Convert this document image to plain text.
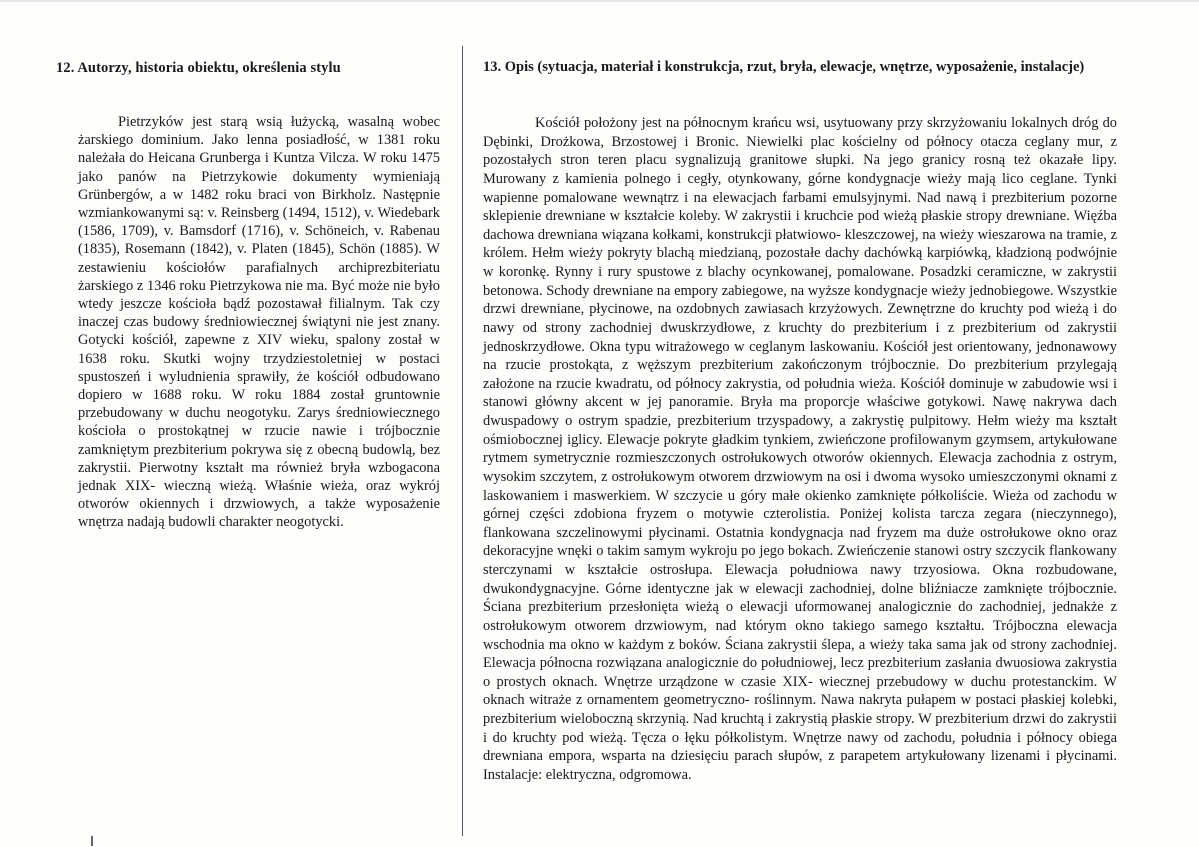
12. Autorzy, historia obiektu, określenia stylu

Pietrzyków jest starą wsią łużycką, wasalną wobec żarskiego dominium. Jako lenna posiadłość, w 1381 roku należała do Heicana Grunberga i Kuntza Vilcza. W roku 1475 jako panów na Pietrzykowie dokumenty wymieniają Grünbergów, a w 1482 roku braci von Birkholz. Następnie wzmiankowanymi są: v. Reinsberg (1494, 1512), v. Wiedebark (1586, 1709), v. Bamsdorf (1716), v. Schöneich, v. Rabenau (1835), Rosemann (1842), v. Platen (1845), Schön (1885). W zestawieniu kościołów parafialnych archiprezbiteriatu żarskiego z 1346 roku Pietrzykowa nie ma. Być może nie było wtedy jeszcze kościoła bądź pozostawał filialnym. Tak czy inaczej czas budowy średniowiecznej świątyni nie jest znany. Gotycki kościół, zapewne z XIV wieku, spalony został w 1638 roku. Skutki wojny trzydziestoletniej w postaci spustoszeń i wyludnienia sprawiły, że kościół odbudowano dopiero w 1688 roku. W roku 1884 został gruntownie przebudowany w duchu neogotyku. Zarys średniowiecznego kościoła o prostokątnej w rzucie nawie i trójbocznie zamkniętym prezbiterium pokrywa się z obecną budowlą, bez zakrystii. Pierwotny kształt ma również bryła wzbogacona jednak XIX- wieczną wieżą. Właśnie wieża, oraz wykrój otworów okiennych i drzwiowych, a także wyposażenie wnętrza nadają budowli charakter neogotycki.

13. Opis (sytuacja, materiał i konstrukcja, rzut, bryła, elewacje, wnętrze, wyposażenie, instalacje)

Kościół położony jest na północnym krańcu wsi, usytuowany przy skrzyżowaniu lokalnych dróg do Dębinki, Drożkowa, Brzostowej i Bronic. Niewielki plac kościelny od północy otacza ceglany mur, z pozostałych stron teren placu sygnalizują granitowe słupki. Na jego granicy rosną też okazałe lipy. Murowany z kamienia polnego i cegły, otynkowany, górne kondygnacje wieży mają lico ceglane. Tynki wapienne pomalowane wewnątrz i na elewacjach farbami emulsyjnymi. Nad nawą i prezbiterium pozorne sklepienie drewniane w kształcie koleby. W zakrystii i kruchcie pod wieżą płaskie stropy drewniane. Więźba dachowa drewniana wiązana kołkami, konstrukcji płatwiowo- kleszczowej, na wieży wieszarowa na tramie, z królem. Hełm wieży pokryty blachą miedzianą, pozostałe dachy dachówką karpiówką, kładzioną podwójnie w koronkę. Rynny i rury spustowe z blachy ocynkowanej, pomalowane. Posadzki ceramiczne, w zakrystii betonowa. Schody drewniane na empory zabiegowe, na wyższe kondygnacje wieży jednobiegowe. Wszystkie drzwi drewniane, płycinowe, na ozdobnych zawiasach krzyżowych. Zewnętrzne do kruchty pod wieżą i do nawy od strony zachodniej dwuskrzydłowe, z kruchty do prezbiterium i z prezbiterium od zakrystii jednoskrzydłowe. Okna typu witrażowego w ceglanym laskowaniu. Kościół jest orientowany, jednonawowy na rzucie prostokąta, z węższym prezbiterium zakończonym trójbocznie. Do prezbiterium przylegają założone na rzucie kwadratu, od północy zakrystia, od południa wieża. Kościół dominuje w zabudowie wsi i stanowi główny akcent w jej panoramie. Bryła ma proporcje właściwe gotykowi. Nawę nakrywa dach dwuspadowy o ostrym spadzie, prezbiterium trzyspadowy, a zakrystię pulpitowy. Hełm wieży ma kształt ośmiobocznej iglicy. Elewacje pokryte gładkim tynkiem, zwieńczone profilowanym gzymsem, artykułowane rytmem symetrycznie rozmieszczonych ostrołukowych otworów okiennych. Elewacja zachodnia z ostrym, wysokim szczytem, z ostrołukowym otworem drzwiowym na osi i dwoma wysoko umieszczonymi oknami z laskowaniem i maswerkiem. W szczycie u góry małe okienko zamknięte półkoliście. Wieża od zachodu w górnej części zdobiona fryzem o motywie czterolistia. Poniżej kolista tarcza zegara (nieczynnego), flankowana szczelinowymi płycinami. Ostatnia kondygnacja nad fryzem ma duże ostrołukowe okno oraz dekoracyjne wnęki o takim samym wykroju po jego bokach. Zwieńczenie stanowi ostry szczycik flankowany sterczynami w kształcie ostrosłupa. Elewacja południowa nawy trzyosiowa. Okna rozbudowane, dwukondygnacyjne. Górne identyczne jak w elewacji zachodniej, dolne bliźniacze zamknięte trójbocznie. Ściana prezbiterium przesłonięta wieżą o elewacji uformowanej analogicznie do zachodniej, jednakże z ostrołukowym otworem drzwiowym, nad którym okno takiego samego kształtu. Trójboczna elewacja wschodnia ma okno w każdym z boków. Ściana zakrystii ślepa, a wieży taka sama jak od strony zachodniej. Elewacja północna rozwiązana analogicznie do południowej, lecz prezbiterium zasłania dwuosiowa zakrystia o prostych oknach. Wnętrze urządzone w czasie XIX- wiecznej przebudowy w duchu protestanckim. W oknach witraże z ornamentem geometryczno- roślinnym. Nawa nakryta pułapem w postaci płaskiej kolebki, prezbiterium wieloboczną skrzynią. Nad kruchtą i zakrystią płaskie stropy. W prezbiterium drzwi do zakrystii i do kruchty pod wieżą. Tęcza o łęku półkolistym. Wnętrze nawy od zachodu, południa i północy obiega drewniana empora, wsparta na dziesięciu parach słupów, z parapetem artykułowany lizenami i płycinami. Instalacje: elektryczna, odgromowa.
